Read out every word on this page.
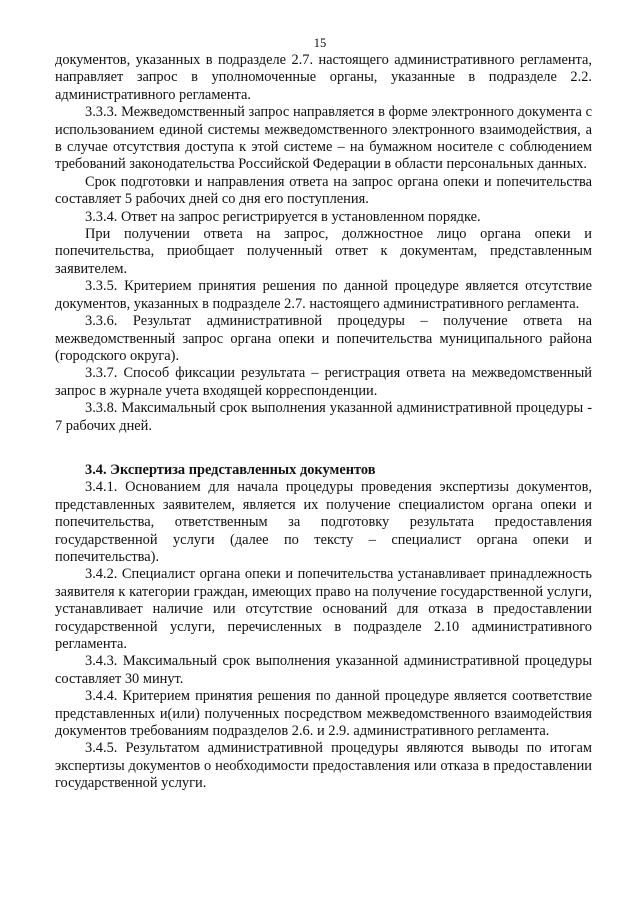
15

документов, указанных в подразделе 2.7. настоящего административного регламента, направляет запрос в уполномоченные органы, указанные в подразделе 2.2. административного регламента.

3.3.3. Межведомственный запрос направляется в форме электронного документа с использованием единой системы межведомственного электронного взаимодействия, а в случае отсутствия доступа к этой системе – на бумажном носителе с соблюдением требований законодательства Российской Федерации в области персональных данных.

Срок подготовки и направления ответа на запрос органа опеки и попечительства составляет 5 рабочих дней со дня его поступления.

3.3.4. Ответ на запрос регистрируется в установленном порядке.

При получении ответа на запрос, должностное лицо органа опеки и попечительства, приобщает полученный ответ к документам, представленным заявителем.

3.3.5. Критерием принятия решения по данной процедуре является отсутствие документов, указанных в подразделе 2.7. настоящего административного регламента.

3.3.6. Результат административной процедуры – получение ответа на межведомственный запрос органа опеки и попечительства муниципального района (городского округа).

3.3.7. Способ фиксации результата – регистрация ответа на межведомственный запрос в журнале учета входящей корреспонденции.

3.3.8. Максимальный срок выполнения указанной административной процедуры - 7 рабочих дней.

3.4. Экспертиза представленных документов

3.4.1. Основанием для начала процедуры проведения экспертизы документов, представленных заявителем, является их получение специалистом органа опеки и попечительства, ответственным за подготовку результата предоставления государственной услуги (далее по тексту – специалист органа опеки и попечительства).

3.4.2. Специалист органа опеки и попечительства устанавливает принадлежность заявителя к категории граждан, имеющих право на получение государственной услуги, устанавливает наличие или отсутствие оснований для отказа в предоставлении государственной услуги, перечисленных в подразделе 2.10 административного регламента.

3.4.3. Максимальный срок выполнения указанной административной процедуры составляет 30 минут.

3.4.4. Критерием принятия решения по данной процедуре является соответствие представленных и(или) полученных посредством межведомственного взаимодействия документов требованиям подразделов 2.6. и 2.9. административного регламента.

3.4.5. Результатом административной процедуры являются выводы по итогам экспертизы документов о необходимости предоставления или отказа в предоставлении государственной услуги.
